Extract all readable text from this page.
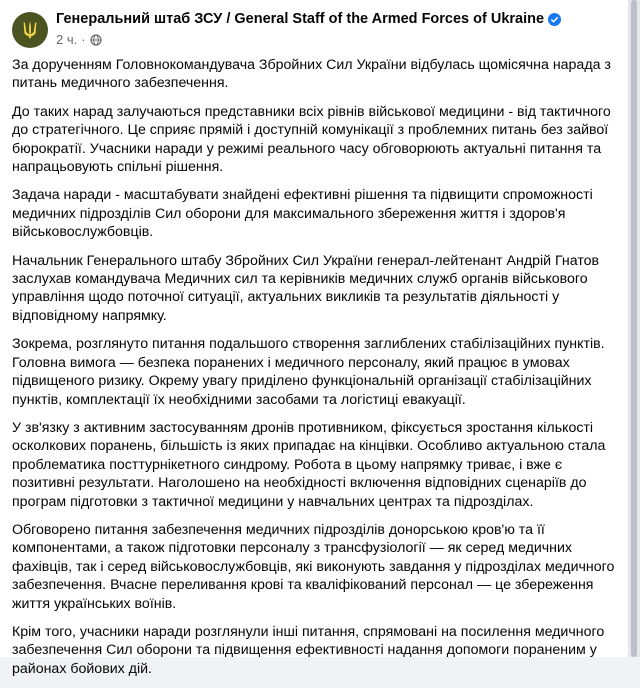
Генеральний штаб ЗСУ / General Staff of the Armed Forces of Ukraine
2 ч. ·

За дорученням Головнокомандувача Збройних Сил України відбулась щомісячна нарада з питань медичного забезпечення.

До таких нарад залучаються представники всіх рівнів військової медицини - від тактичного до стратегічного. Це сприяє прямій і доступній комунікації з проблемних питань без зайвої бюрократії. Учасники наради у режимі реального часу обговорюють актуальні питання та напрацьовують спільні рішення.

Задача наради - масштабувати знайдені ефективні рішення та підвищити спроможності медичних підрозділів Сил оборони для максимального збереження життя і здоров'я військовослужбовців.

Начальник Генерального штабу Збройних Сил України генерал-лейтенант Андрій Гнатов заслухав командувача Медичних сил та керівників медичних служб органів військового управління щодо поточної ситуації, актуальних викликів та результатів діяльності у відповідному напрямку.

Зокрема, розглянуто питання подальшого створення заглиблених стабілізаційних пунктів. Головна вимога — безпека поранених і медичного персоналу, який працює в умовах підвищеного ризику. Окрему увагу приділено функціональній організації стабілізаційних пунктів, комплектації їх необхідними засобами та логістиці евакуації.

У зв'язку з активним застосуванням дронів противником, фіксується зростання кількості осколкових поранень, більшість із яких припадає на кінцівки. Особливо актуальною стала проблематика посттурнікетного синдрому. Робота в цьому напрямку триває, і вже є позитивні результати. Наголошено на необхідності включення відповідних сценаріїв до програм підготовки з тактичної медицини у навчальних центрах та підрозділах.

Обговорено питання забезпечення медичних підрозділів донорською кров'ю та її компонентами, а також підготовки персоналу з трансфузіології — як серед медичних фахівців, так і серед військовослужбовців, які виконують завдання у підрозділах медичного забезпечення. Вчасне переливання крові та кваліфікований персонал — це збереження життя українських воїнів.

Крім того, учасники наради розглянули інші питання, спрямовані на посилення медичного забезпечення Сил оборони та підвищення ефективності надання допомоги пораненим у районах бойових дій.
